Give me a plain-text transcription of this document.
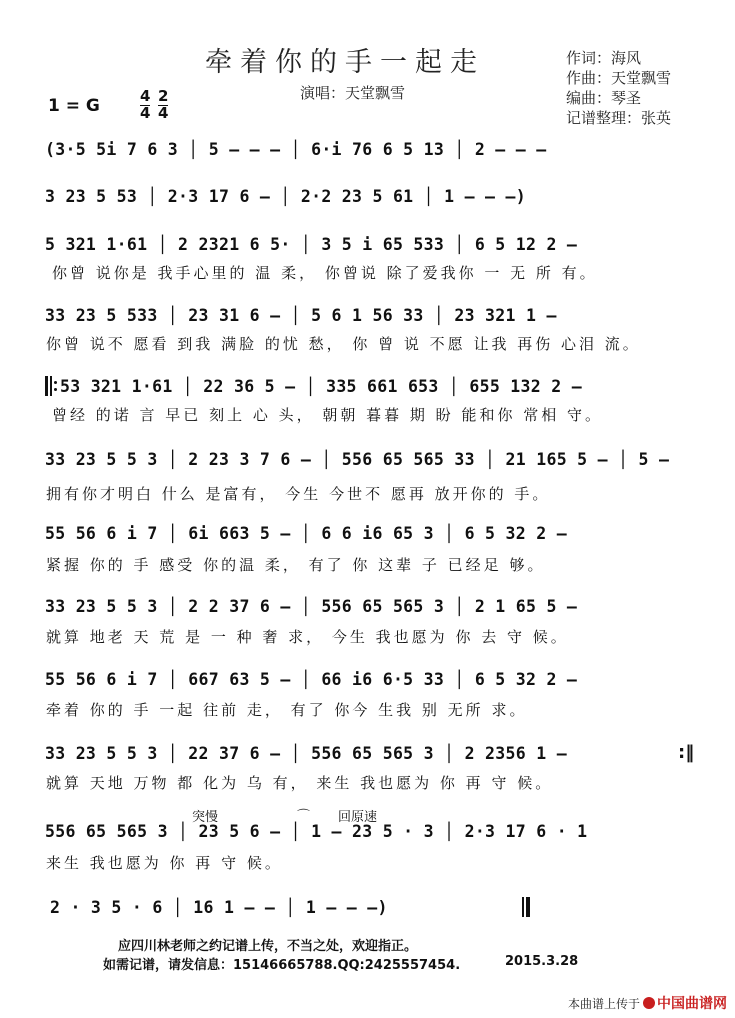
牵着你的手一起走
演唱：天堂飘雪
作词：海风
作曲：天堂飘雪
编曲：琴圣
记谱整理：张英
1 = G	4
4
2
4
(3·5 5i 7 6 3 │ 5 — — — │ 6·i 76 6 5 13 │ 2 — — —
3 23 5 53 │ 2·3 17 6 — │ 2·2 23 5 61 │ 1 — — —)
5 321 1·61 │ 2 2321 6 5· │ 3 5 i 65 533 │ 6 5 12 2 —
你曾 说你是 我手心里的 温 柔， 你曾说 除了爱我你 一 无 所 有。
33 23 5 533 │ 23 31 6 — │ 5 6 1 56 33 │ 23 321 1 —
你曾 说不 愿看 到我 满脸 的忧 愁， 你 曾 说 不愿 让我 再伤 心泪 流。
53 321 1·61 │ 22 36 5 — │ 335 661 653 │ 655 132 2 —
曾经 的诺 言 早已 刻上 心 头， 朝朝 暮暮 期 盼 能和你 常相 守。
33 23 5 5 3 │ 2 23 3 7 6 — │ 556 65 565 33 │ 21 165 5 — │ 5 —
拥有你才明白 什么 是富有， 今生 今世不 愿再 放开你的 手。
55 56 6 i 7 │ 6i 663 5 — │ 6 6 i6 65 3 │ 6 5 32 2 —
紧握 你的 手 感受 你的温 柔， 有了 你 这辈 子 已经足 够。
33 23 5 5 3 │ 2 2 37 6 — │ 556 65 565 3 │ 2 1 65 5 —
就算 地老 天 荒 是 一 种 奢 求， 今生 我也愿为 你 去 守 候。
55 56 6 i 7 │ 667 63 5 — │ 66 i6 6·5 33 │ 6 5 32 2 —
牵着 你的 手 一起 往前 走， 有了 你今 生我 别 无所 求。
33 23 5 5 3 │ 22 37 6 — │ 556 65 565 3 │ 2 2356 1 —
就算 天地 万物 都 化为 乌 有， 来生 我也愿为 你 再 守 候。
:‖
突慢	⌒ 回原速
556 65 565 3 │ 23 5 6 — │ 1 — 23 5 · 3 │ 2·3 17 6 · 1
来生 我也愿为 你 再 守 候。
2 · 3 5 · 6 │ 16 1 — — │ 1 — — —)
应四川林老师之约记谱上传，不当之处，欢迎指正。
如需记谱，请发信息：15146665788.QQ:2425557454.	2015.3.28
本曲谱上传于 中国曲谱网
